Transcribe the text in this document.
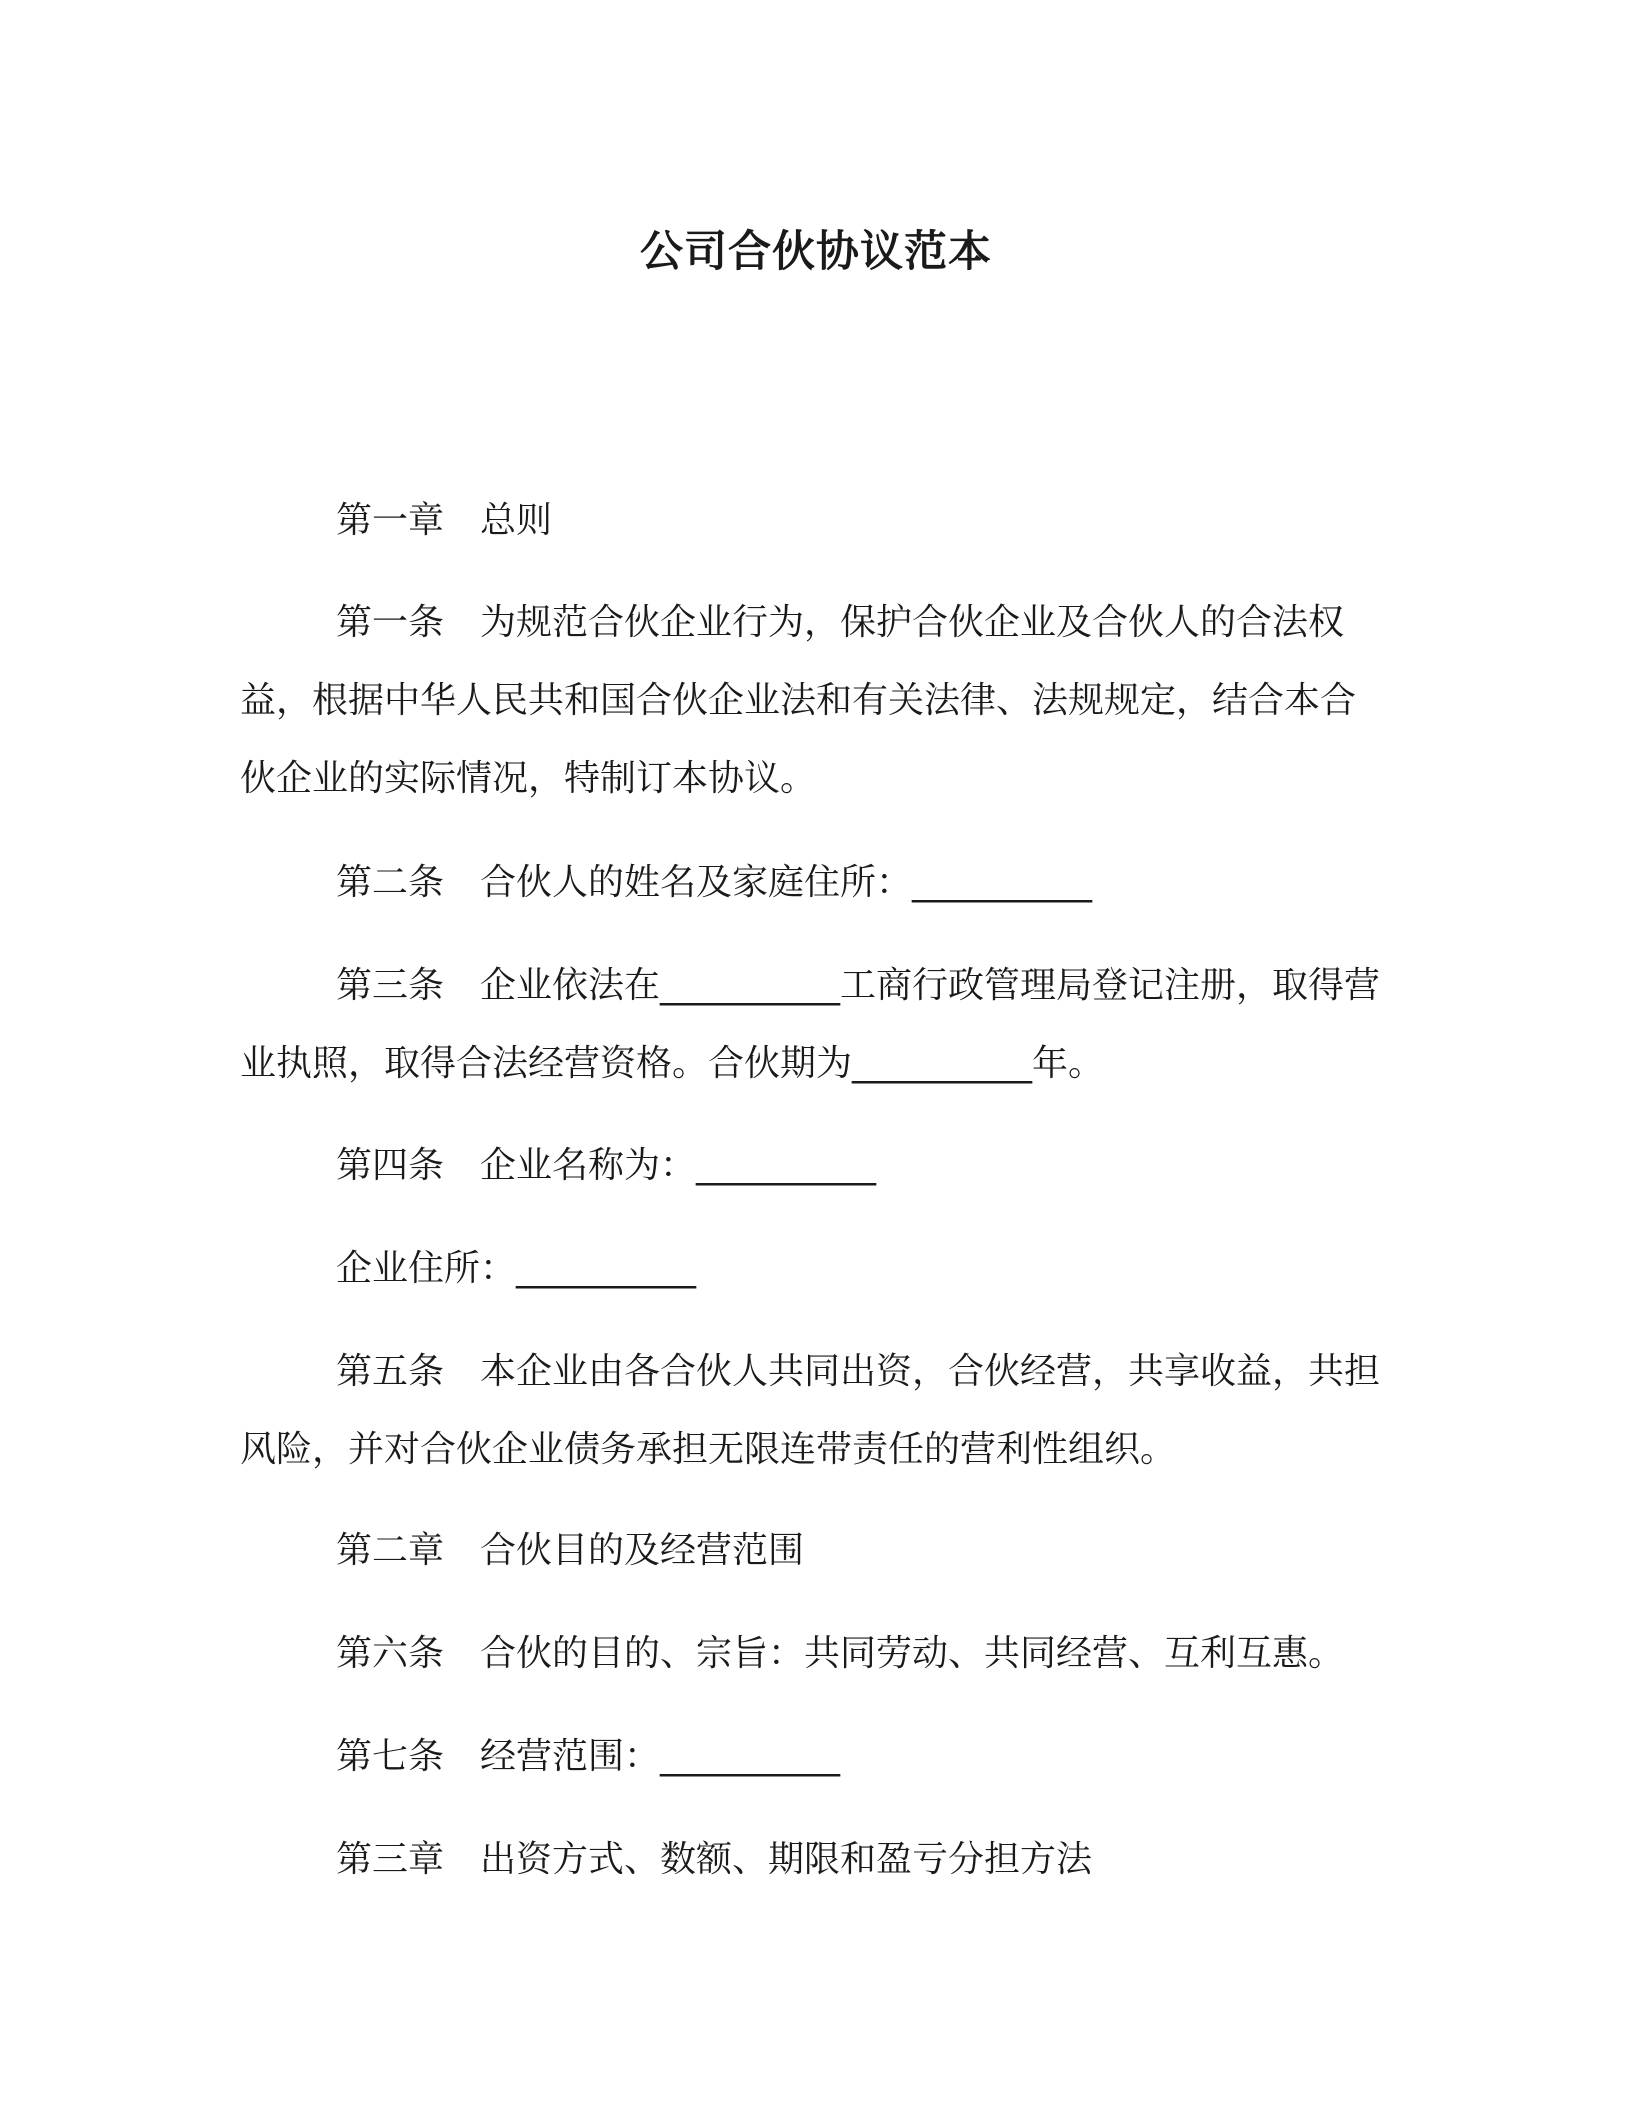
公司合伙协议范本

第一章　总则

第一条　为规范合伙企业行为，保护合伙企业及合伙人的合法权益，根据中华人民共和国合伙企业法和有关法律、法规规定，结合本合伙企业的实际情况，特制订本协议。

第二条　合伙人的姓名及家庭住所：__________

第三条　企业依法在__________工商行政管理局登记注册，取得营业执照，取得合法经营资格。合伙期为__________年。

第四条　企业名称为：__________

企业住所：__________

第五条　本企业由各合伙人共同出资，合伙经营，共享收益，共担风险，并对合伙企业债务承担无限连带责任的营利性组织。

第二章　合伙目的及经营范围

第六条　合伙的目的、宗旨：共同劳动、共同经营、互利互惠。

第七条　经营范围：__________

第三章　出资方式、数额、期限和盈亏分担方法
